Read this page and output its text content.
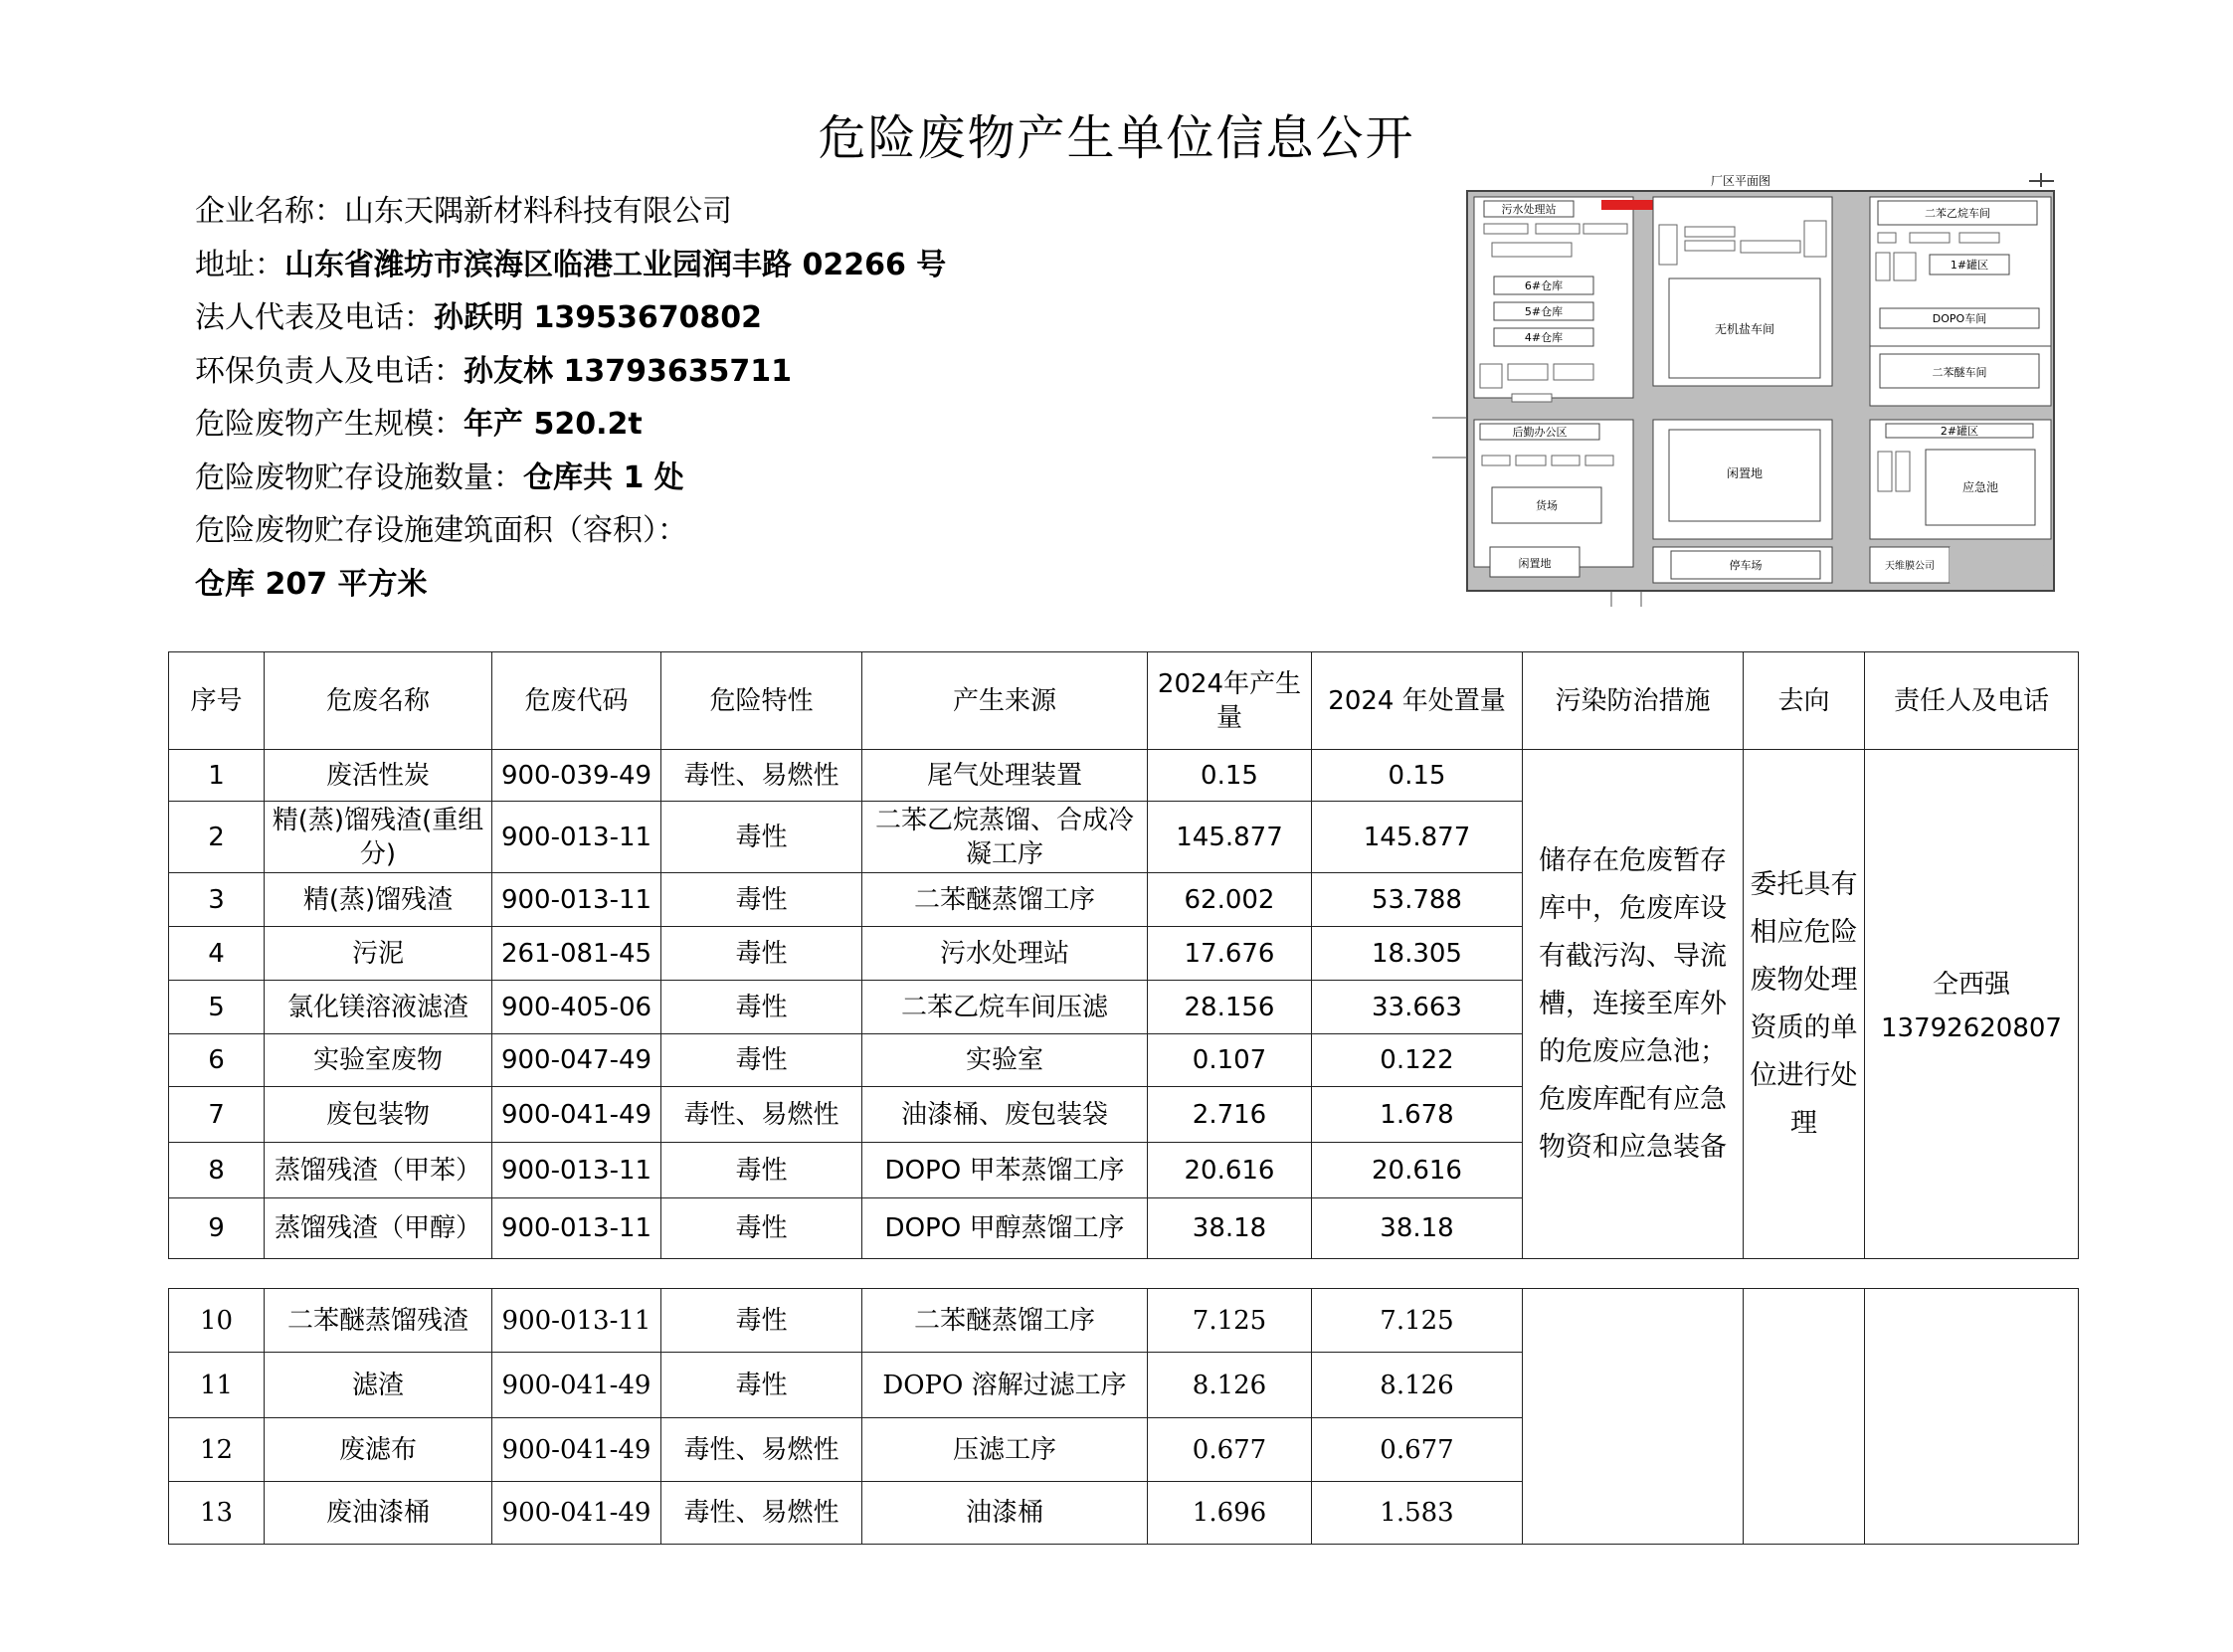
危险废物产生单位信息公开
企业名称：山东天隅新材料科技有限公司
地址：山东省潍坊市滨海区临港工业园润丰路 02266 号
法人代表及电话：孙跃明 13953670802
环保负责人及电话：孙友林 13793635711
危险废物产生规模：年产 520.2t
危险废物贮存设施数量：仓库共 1 处
危险废物贮存设施建筑面积（容积）：
仓库 207 平方米
厂区平面图
污水处理站
6#仓库
5#仓库
4#仓库
后勤办公区
货场
闲置地
无机盐车间
闲置地
停车场
二苯乙烷车间
1#罐区
DOPO车间
二苯醚车间
2#罐区
应急池
天维膜公司
序号	危废名称	危废代码	危险特性	产生来源	2024年产生量	2024 年处置量	污染防治措施	去向	责任人及电话
1	废活性炭	900-039-49	毒性、易燃性	尾气处理装置	0.15	0.15	储存在危废暂存库中，危废库设有截污沟、导流槽，连接至库外的危废应急池；危废库配有应急物资和应急装备	委托具有相应危险废物处理资质的单位进行处理	仝西强
13792620807

2	精(蒸)馏残渣(重组分)	900-013-11	毒性	二苯乙烷蒸馏、合成冷凝工序	145.877	145.877			
3	精(蒸)馏残渣	900-013-11	毒性	二苯醚蒸馏工序	62.002	53.788			
4	污泥	261-081-45	毒性	污水处理站	17.676	18.305			
5	氯化镁溶液滤渣	900-405-06	毒性	二苯乙烷车间压滤	28.156	33.663			
6	实验室废物	900-047-49	毒性	实验室	0.107	0.122			
7	废包装物	900-041-49	毒性、易燃性	油漆桶、废包装袋	2.716	1.678			
8	蒸馏残渣（甲苯）	900-013-11	毒性	DOPO 甲苯蒸馏工序	20.616	20.616			
9	蒸馏残渣（甲醇）	900-013-11	毒性	DOPO 甲醇蒸馏工序	38.18	38.18			
10	二苯醚蒸馏残渣	900-013-11	毒性	二苯醚蒸馏工序	7.125	7.125			
11	滤渣	900-041-49	毒性	DOPO 溶解过滤工序	8.126	8.126			
12	废滤布	900-041-49	毒性、易燃性	压滤工序	0.677	0.677			
13	废油漆桶	900-041-49	毒性、易燃性	油漆桶	1.696	1.583			
